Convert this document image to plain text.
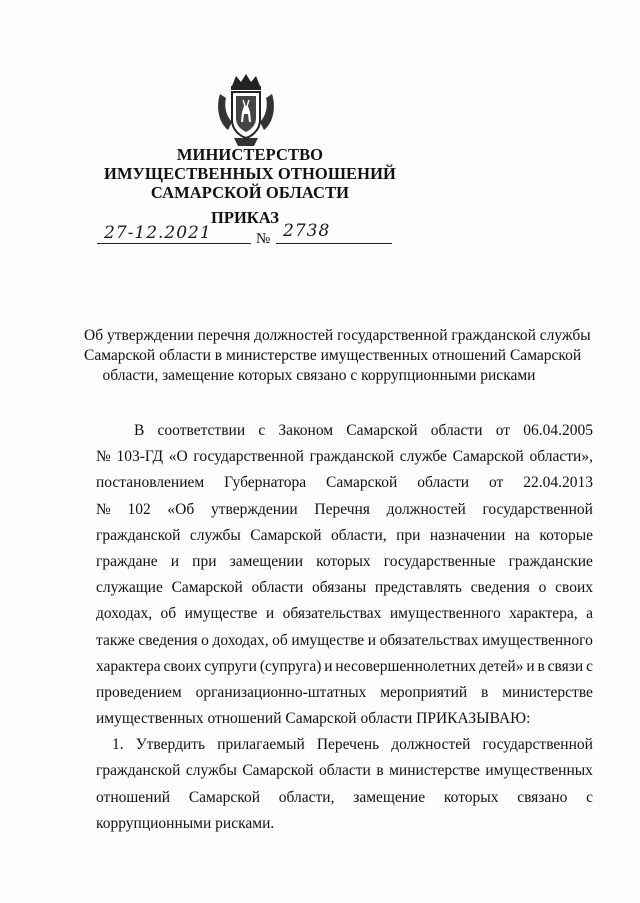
МИНИСТЕРСТВО
ИМУЩЕСТВЕННЫХ ОТНОШЕНИЙ
САМАРСКОЙ ОБЛАСТИ
ПРИКАЗ
27-12.2021	№ 2738
Об утверждении перечня должностей государственной гражданской службы
Самарской области в министерстве имущественных отношений Самарской
области, замещение которых связано с коррупционными рисками
В соответствии с Законом Самарской области от 06.04.2005
№ 103-ГД «О государственной гражданской службе Самарской области»,
постановлением Губернатора Самарской области от 22.04.2013
№ 102 «Об утверждении Перечня должностей государственной
гражданской службы Самарской области, при назначении на которые
граждане и при замещении которых государственные гражданские
служащие Самарской области обязаны представлять сведения о своих
доходах, об имуществе и обязательствах имущественного характера, а
также сведения о доходах, об имуществе и обязательствах имущественного
характера своих супруги (супруга) и несовершеннолетних детей» и в связи с
проведением организационно-штатных мероприятий в министерстве
имущественных отношений Самарской области ПРИКАЗЫВАЮ:
1. Утвердить прилагаемый Перечень должностей государственной
гражданской службы Самарской области в министерстве имущественных
отношений Самарской области, замещение которых связано с
коррупционными рисками.
